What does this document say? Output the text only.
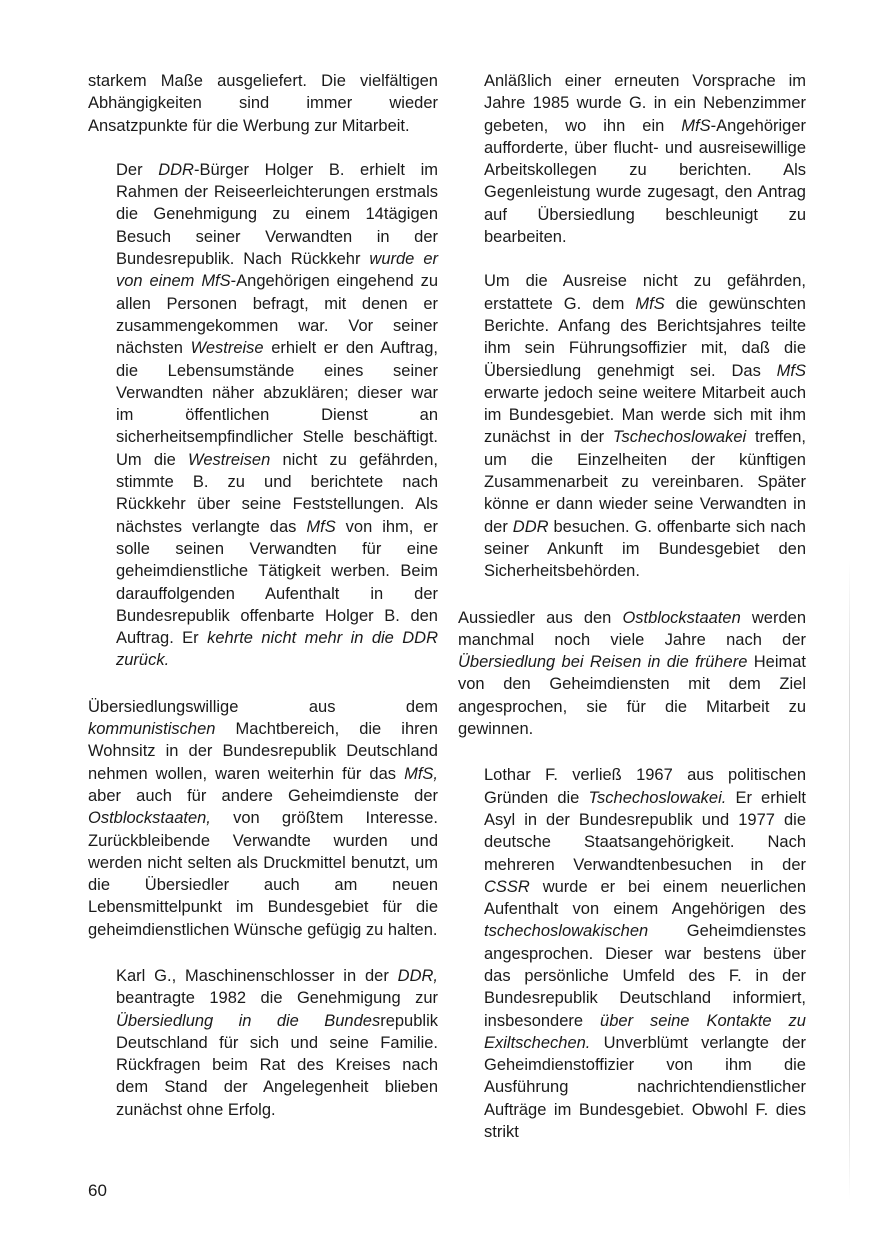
starkem Maße ausgeliefert. Die vielfältigen Abhängigkeiten sind immer wieder Ansatzpunkte für die Werbung zur Mitarbeit.

Der DDR-Bürger Holger B. erhielt im Rahmen der Reiseerleichterungen erstmals die Genehmigung zu einem 14tägigen Besuch seiner Verwandten in der Bundesrepublik. Nach Rückkehr wurde er von einem MfS-Angehörigen eingehend zu allen Personen befragt, mit denen er zusammengekommen war. Vor seiner nächsten Westreise erhielt er den Auftrag, die Lebensumstände eines seiner Verwandten näher abzuklären; dieser war im öffentlichen Dienst an sicherheitsempfindlicher Stelle beschäftigt. Um die Westreisen nicht zu gefährden, stimmte B. zu und berichtete nach Rückkehr über seine Feststellungen. Als nächstes verlangte das MfS von ihm, er solle seinen Verwandten für eine geheimdienstliche Tätigkeit werben. Beim darauffolgenden Aufenthalt in der Bundesrepublik offenbarte Holger B. den Auftrag. Er kehrte nicht mehr in die DDR zurück.

Übersiedlungswillige aus dem kommunistischen Machtbereich, die ihren Wohnsitz in der Bundesrepublik Deutschland nehmen wollen, waren weiterhin für das MfS, aber auch für andere Geheimdienste der Ostblockstaaten, von größtem Interesse. Zurückbleibende Verwandte wurden und werden nicht selten als Druckmittel benutzt, um die Übersiedler auch am neuen Lebensmittelpunkt im Bundesgebiet für die geheimdienstlichen Wünsche gefügig zu halten.

Karl G., Maschinenschlosser in der DDR, beantragte 1982 die Genehmigung zur Übersiedlung in die Bundesrepublik Deutschland für sich und seine Familie. Rückfragen beim Rat des Kreises nach dem Stand der Angelegenheit blieben zunächst ohne Erfolg.

Anläßlich einer erneuten Vorsprache im Jahre 1985 wurde G. in ein Nebenzimmer gebeten, wo ihn ein MfS-Angehöriger aufforderte, über flucht- und ausreisewillige Arbeitskollegen zu berichten. Als Gegenleistung wurde zugesagt, den Antrag auf Übersiedlung beschleunigt zu bearbeiten.

Um die Ausreise nicht zu gefährden, erstattete G. dem MfS die gewünschten Berichte. Anfang des Berichtsjahres teilte ihm sein Führungsoffizier mit, daß die Übersiedlung genehmigt sei. Das MfS erwarte jedoch seine weitere Mitarbeit auch im Bundesgebiet. Man werde sich mit ihm zunächst in der Tschechoslowakei treffen, um die Einzelheiten der künftigen Zusammenarbeit zu vereinbaren. Später könne er dann wieder seine Verwandten in der DDR besuchen. G. offenbarte sich nach seiner Ankunft im Bundesgebiet den Sicherheitsbehörden.

Aussiedler aus den Ostblockstaaten werden manchmal noch viele Jahre nach der Übersiedlung bei Reisen in die frühere Heimat von den Geheimdiensten mit dem Ziel angesprochen, sie für die Mitarbeit zu gewinnen.

Lothar F. verließ 1967 aus politischen Gründen die Tschechoslowakei. Er erhielt Asyl in der Bundesrepublik und 1977 die deutsche Staatsangehörigkeit. Nach mehreren Verwandtenbesuchen in der CSSR wurde er bei einem neuerlichen Aufenthalt von einem Angehörigen des tschechoslowakischen Geheimdienstes angesprochen. Dieser war bestens über das persönliche Umfeld des F. in der Bundesrepublik Deutschland informiert, insbesondere über seine Kontakte zu Exiltschechen. Unverblümt verlangte der Geheimdienstoffizier von ihm die Ausführung nachrichtendienstlicher Aufträge im Bundesgebiet. Obwohl F. dies strikt

60
